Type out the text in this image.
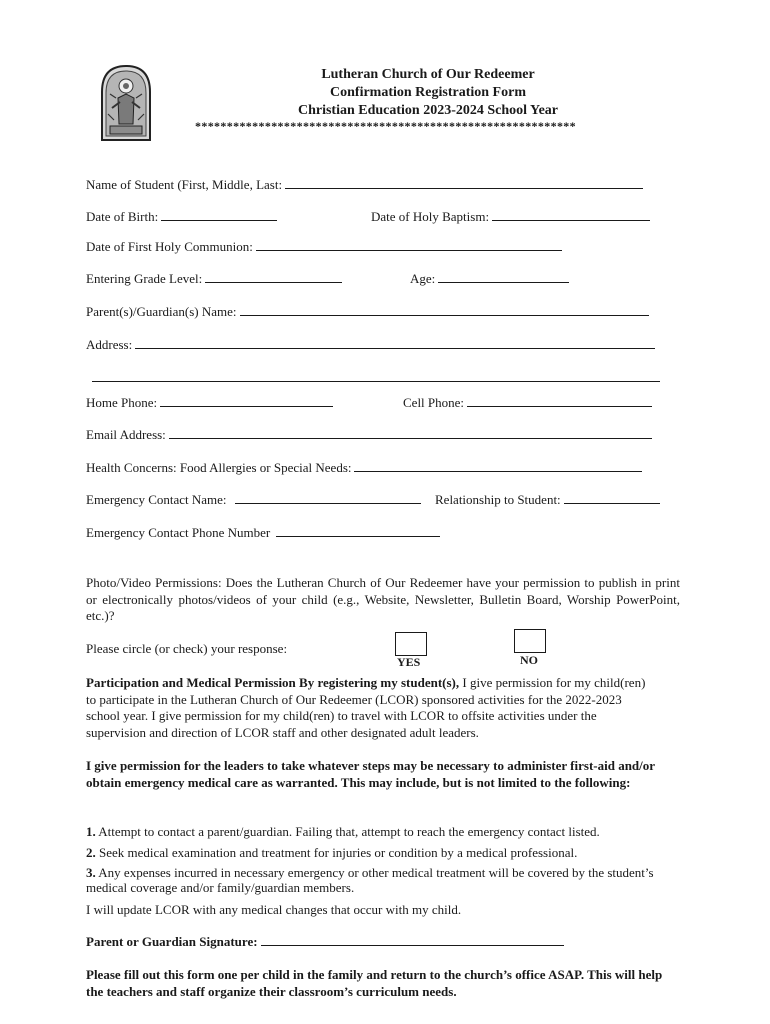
Lutheran Church of Our Redeemer
Confirmation Registration Form
Christian Education 2023-2024 School Year
************************************************************
Name of Student (First, Middle, Last:
Date of Birth:	Date of Holy Baptism:
Date of First Holy Communion:
Entering Grade Level:	Age:
Parent(s)/Guardian(s) Name:
Address:
Home Phone:	Cell Phone:
Email Address:
Health Concerns: Food Allergies or Special Needs:
Emergency Contact Name:	Relationship to Student:
Emergency Contact Phone Number
Photo/Video Permissions: Does the Lutheran Church of Our Redeemer have your permission to publish in print or electronically photos/videos of your child (e.g., Website, Newsletter, Bulletin Board, Worship PowerPoint, etc.)?
Please circle (or check) your response:
YES	NO
Participation and Medical Permission By registering my student(s), I give permission for my child(ren) to participate in the Lutheran Church of Our Redeemer (LCOR) sponsored activities for the 2022-2023 school year. I give permission for my child(ren) to travel with LCOR to offsite activities under the supervision and direction of LCOR staff and other designated adult leaders.
I give permission for the leaders to take whatever steps may be necessary to administer first-aid and/or obtain emergency medical care as warranted. This may include, but is not limited to the following:
1. Attempt to contact a parent/guardian. Failing that, attempt to reach the emergency contact listed.
2. Seek medical examination and treatment for injuries or condition by a medical professional.
3. Any expenses incurred in necessary emergency or other medical treatment will be covered by the student’s medical coverage and/or family/guardian members.
I will update LCOR with any medical changes that occur with my child.
Parent or Guardian Signature:
Please fill out this form one per child in the family and return to the church’s office ASAP. This will help the teachers and staff organize their classroom’s curriculum needs.
